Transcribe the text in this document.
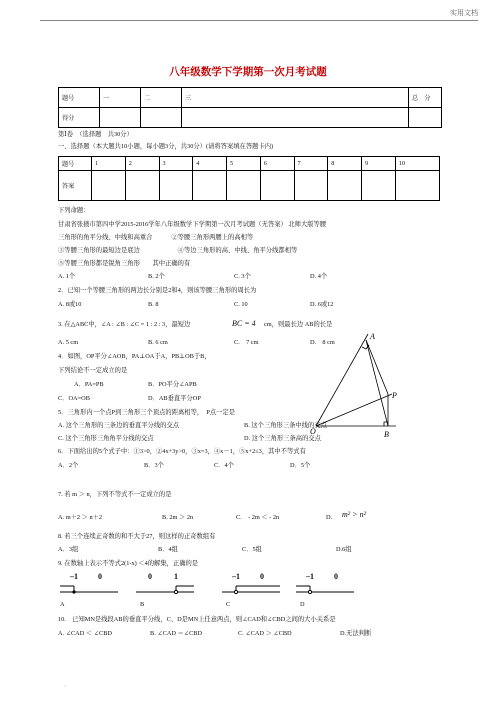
实用文档
八年级数学下学期第一次月考试题
题号	一	二	三	总　分
得分				
第Ⅰ卷　（选择题　共30分）
一、选择题（本大题共10小题，每小题3分，共30分）(请将答案填在答题卡内)
题号	1	2	3	4	5	6	7	8	9	10
答案										
下列命题：
甘肃省张掖市第四中学2015-2016学年八年级数学下学期第一次月考试题（无答案） 北师大版等腰
三角形的角平分线、中线和高重合　　　②等腰三角形两腰上的高相等
③等腰三角形的最短边是底边　　　　　　④等边三角形的高、中线、角平分线都相等
⑤等腰三角形都是锐角三角形　　其中正确的有
A. 1个	B. 2个	C. 3个	D. 4个
2．已知一个等腰三角形的两边长分别是2和4，则该等腰三角形的周长为
A. 8或10	B. 8	C. 10	D. 6或12
3. 在△ABC中，∠A : ∠B : ∠C = 1 : 2 : 3，最短边	BC = 4 cm，则最长边 AB的长是
A. 5 cm	B. 6 cm	C.　7 cm	D.　8 cm
4．如图，OP平分∠AOB，PA⊥OA于A，PB⊥OB于B，
下列结论不一定成立的是
A．PA=PB	B．PO平分∠APB
C．OA=OB	D．AB垂直平分OP
A
P
B
O
5．三角形内一个点P到三角形三个顶点的距离相等，　P点一定是
A. 这个三角形的三条边的垂直平分线的交点	B. 这个三角形三条中线的交点
C. 这个三角形三角角平分线的交点	D. 这个三角形三条高的交点
6．下面给出的5个式子中：①3>0，②4x+3y>0，③x=3，④x－1，⑤x+2≤3，其中不等式有
A．2个	B．3个	C．4个	D．5个
7. 若 m ＞ n，下列不等式不一定成立的是
A. m＋2 ＞ n＋2	B. 2m ＞ 2n	C.　- 2m ＜ - 2n	D. m² > n²
8. 若三个连续正奇数的和不大于27，则这样的正奇数组有
A．3组	B．4组	C．5组	D.6组
9. 在数轴上表示不等式2(1-x) ＜4的解集，正确的是
–1	0	0	1	–1	0	–1	0
A	B	C	D
10.　已知MN是线段AB的垂直平分线，C、D是MN上任意两点，则∠CAD和∠CBD之间的大小关系是
A. ∠CAD ＜ ∠CBD	B. ∠CAD ＝∠CBD	C. ∠CAD ＞ ∠CBD	D.无法判断
·
